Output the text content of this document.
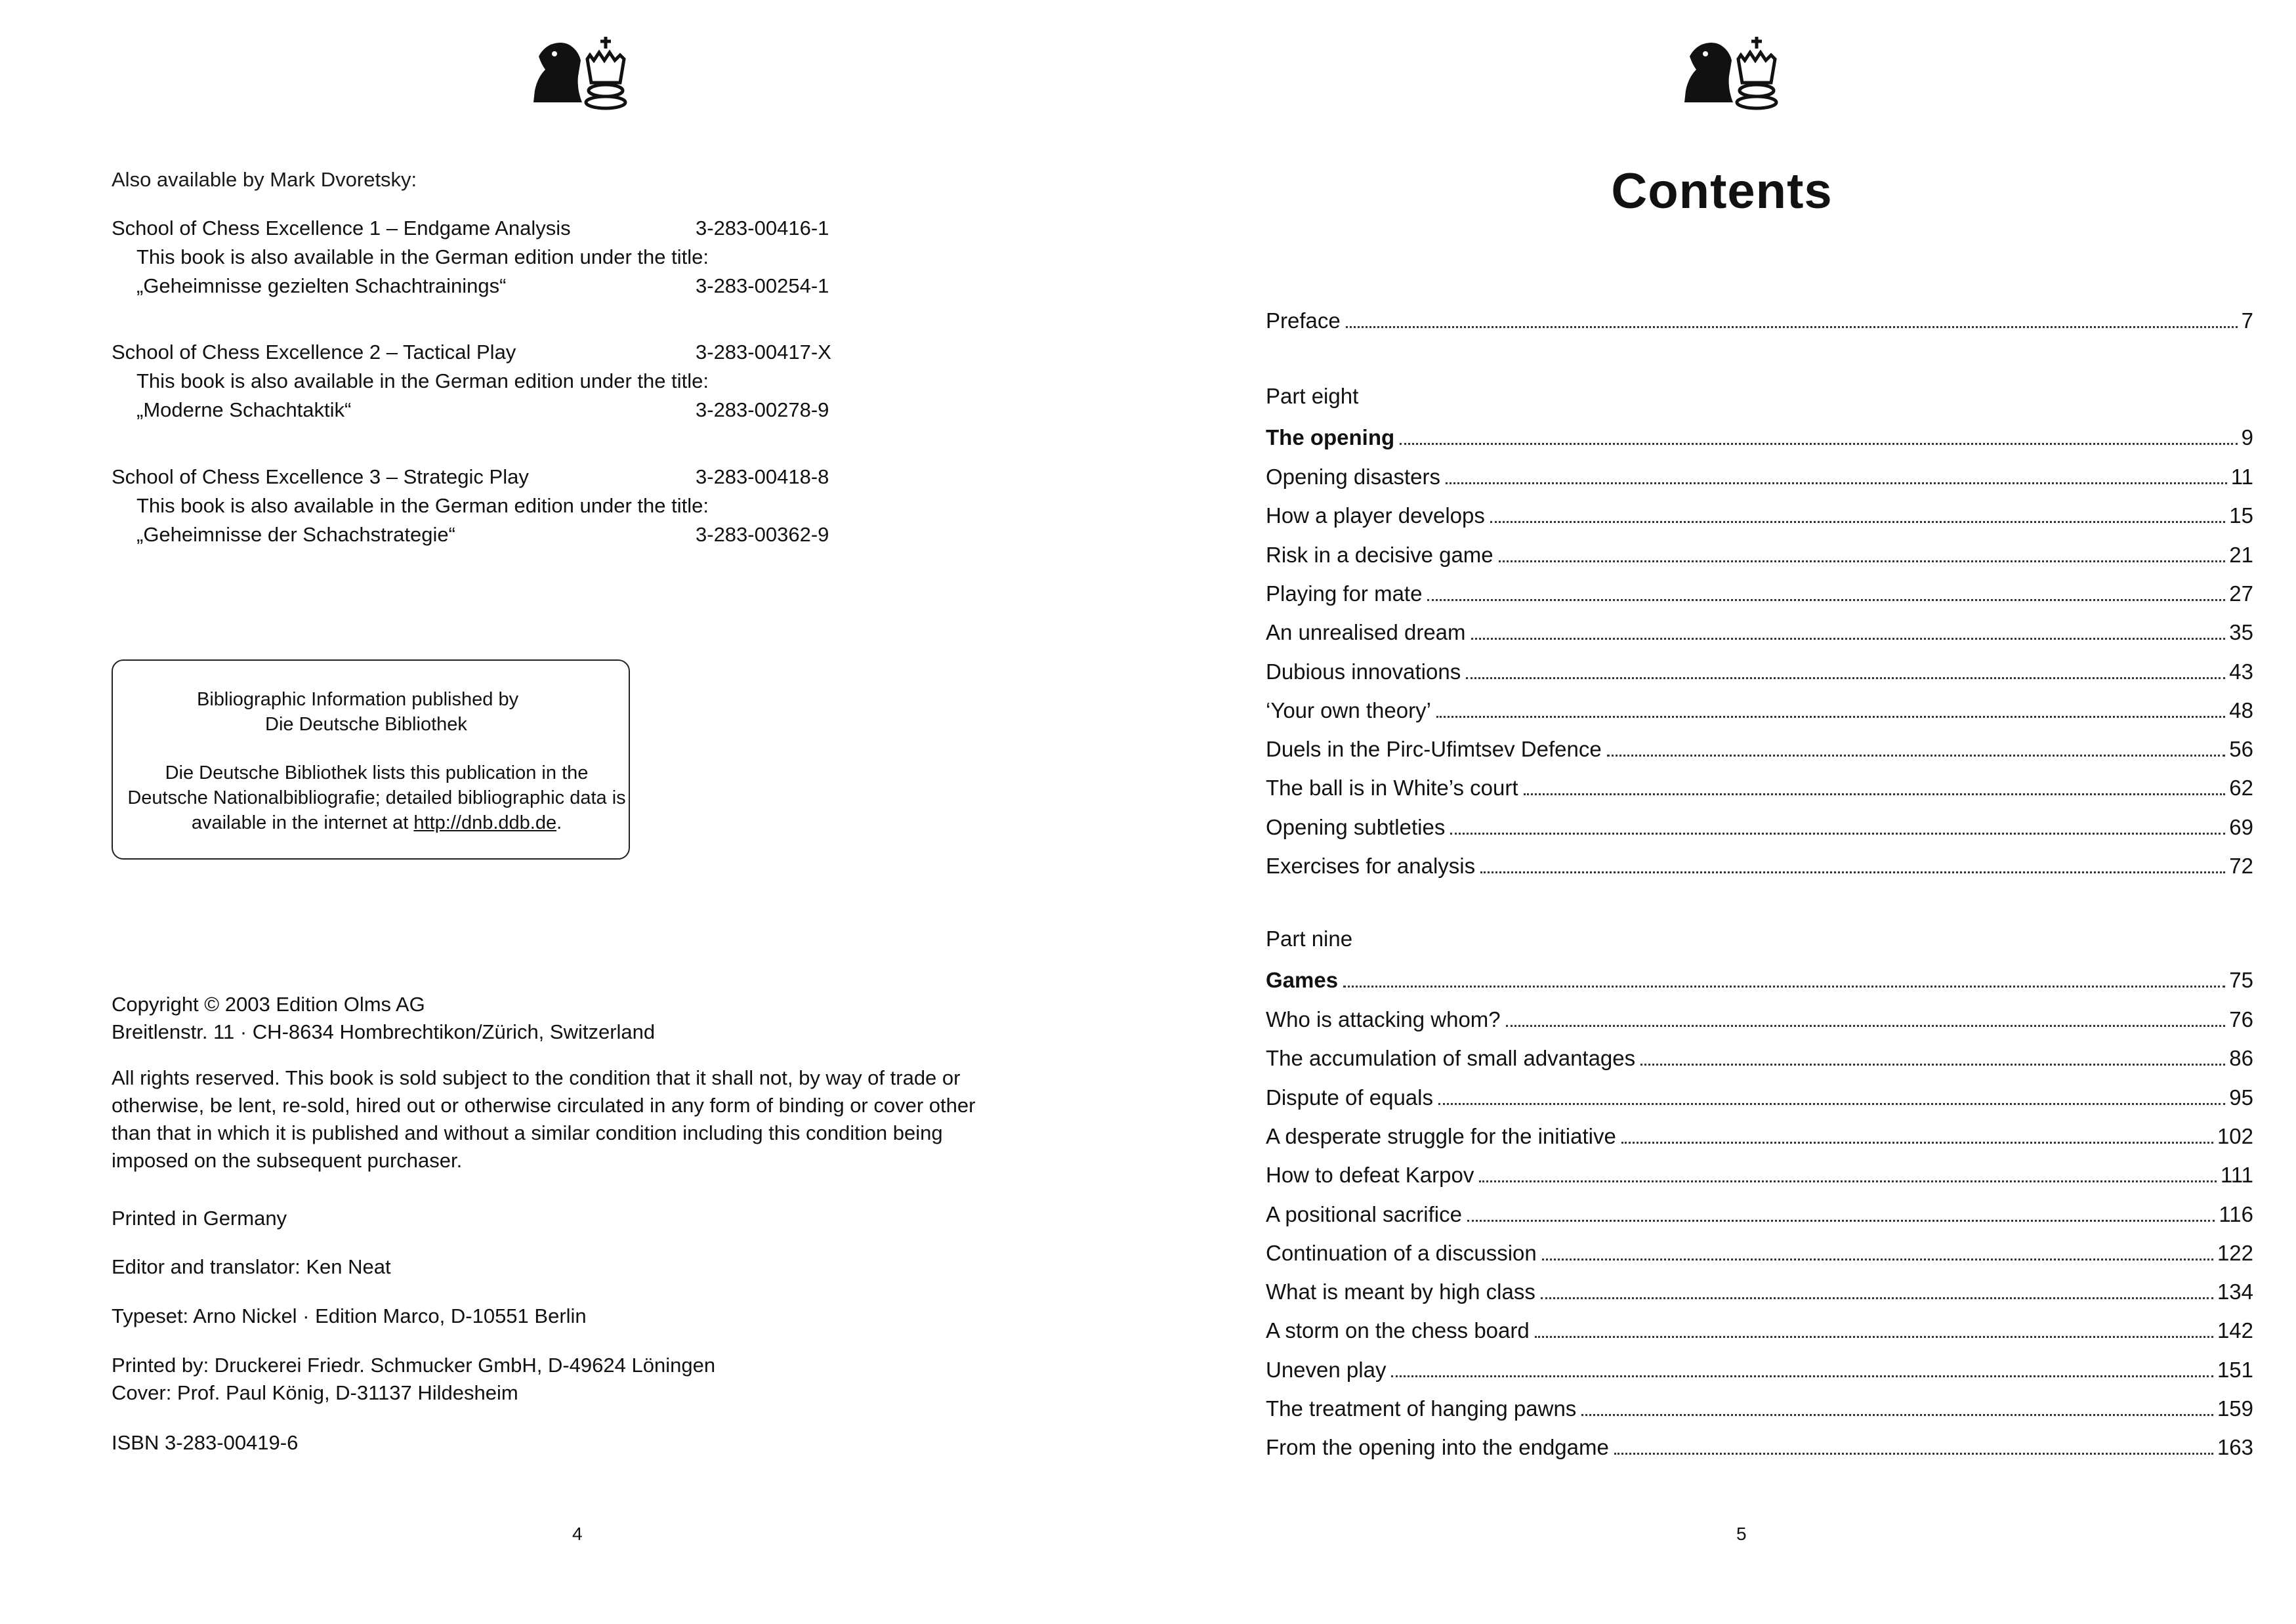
Also available by Mark Dvoretsky:
School of Chess Excellence 1 – Endgame Analysis	3-283-00416-1
This book is also available in the German edition under the title:
„Geheimnisse gezielten Schachtrainings“	3-283-00254-1
School of Chess Excellence 2 – Tactical Play	3-283-00417-X
This book is also available in the German edition under the title:
„Moderne Schachtaktik“	3-283-00278-9
School of Chess Excellence 3 – Strategic Play	3-283-00418-8
This book is also available in the German edition under the title:
„Geheimnisse der Schachstrategie“	3-283-00362-9
Bibliographic Information published by
Die Deutsche Bibliothek
Die Deutsche Bibliothek lists this publication in the Deutsche Nationalbibliografie; detailed bibliographic data is available in the internet at http://dnb.ddb.de.
Copyright © 2003 Edition Olms AG
Breitlenstr. 11 · CH-8634 Hombrechtikon/Zürich, Switzerland
All rights reserved. This book is sold subject to the condition that it shall not, by way of trade or otherwise, be lent, re-sold, hired out or otherwise circulated in any form of binding or cover other than that in which it is published and without a similar condition including this condition being imposed on the subsequent purchaser.
Printed in Germany
Editor and translator: Ken Neat
Typeset: Arno Nickel · Edition Marco, D-10551 Berlin
Printed by: Druckerei Friedr. Schmucker GmbH, D-49624 Löningen
Cover: Prof. Paul König, D-31137 Hildesheim
ISBN 3-283-00419-6
4
Contents
Preface	7
Part eight
The opening	9
Opening disasters	11
How a player develops	15
Risk in a decisive game	21
Playing for mate	27
An unrealised dream	35
Dubious innovations	43
‘Your own theory’	48
Duels in the Pirc-Ufimtsev Defence	56
The ball is in White’s court	62
Opening subtleties	69
Exercises for analysis	72
Part nine
Games	75
Who is attacking whom?	76
The accumulation of small advantages	86
Dispute of equals	95
A desperate struggle for the initiative	102
How to defeat Karpov	111
A positional sacrifice	116
Continuation of a discussion	122
What is meant by high class	134
A storm on the chess board	142
Uneven play	151
The treatment of hanging pawns	159
From the opening into the endgame	163
5
